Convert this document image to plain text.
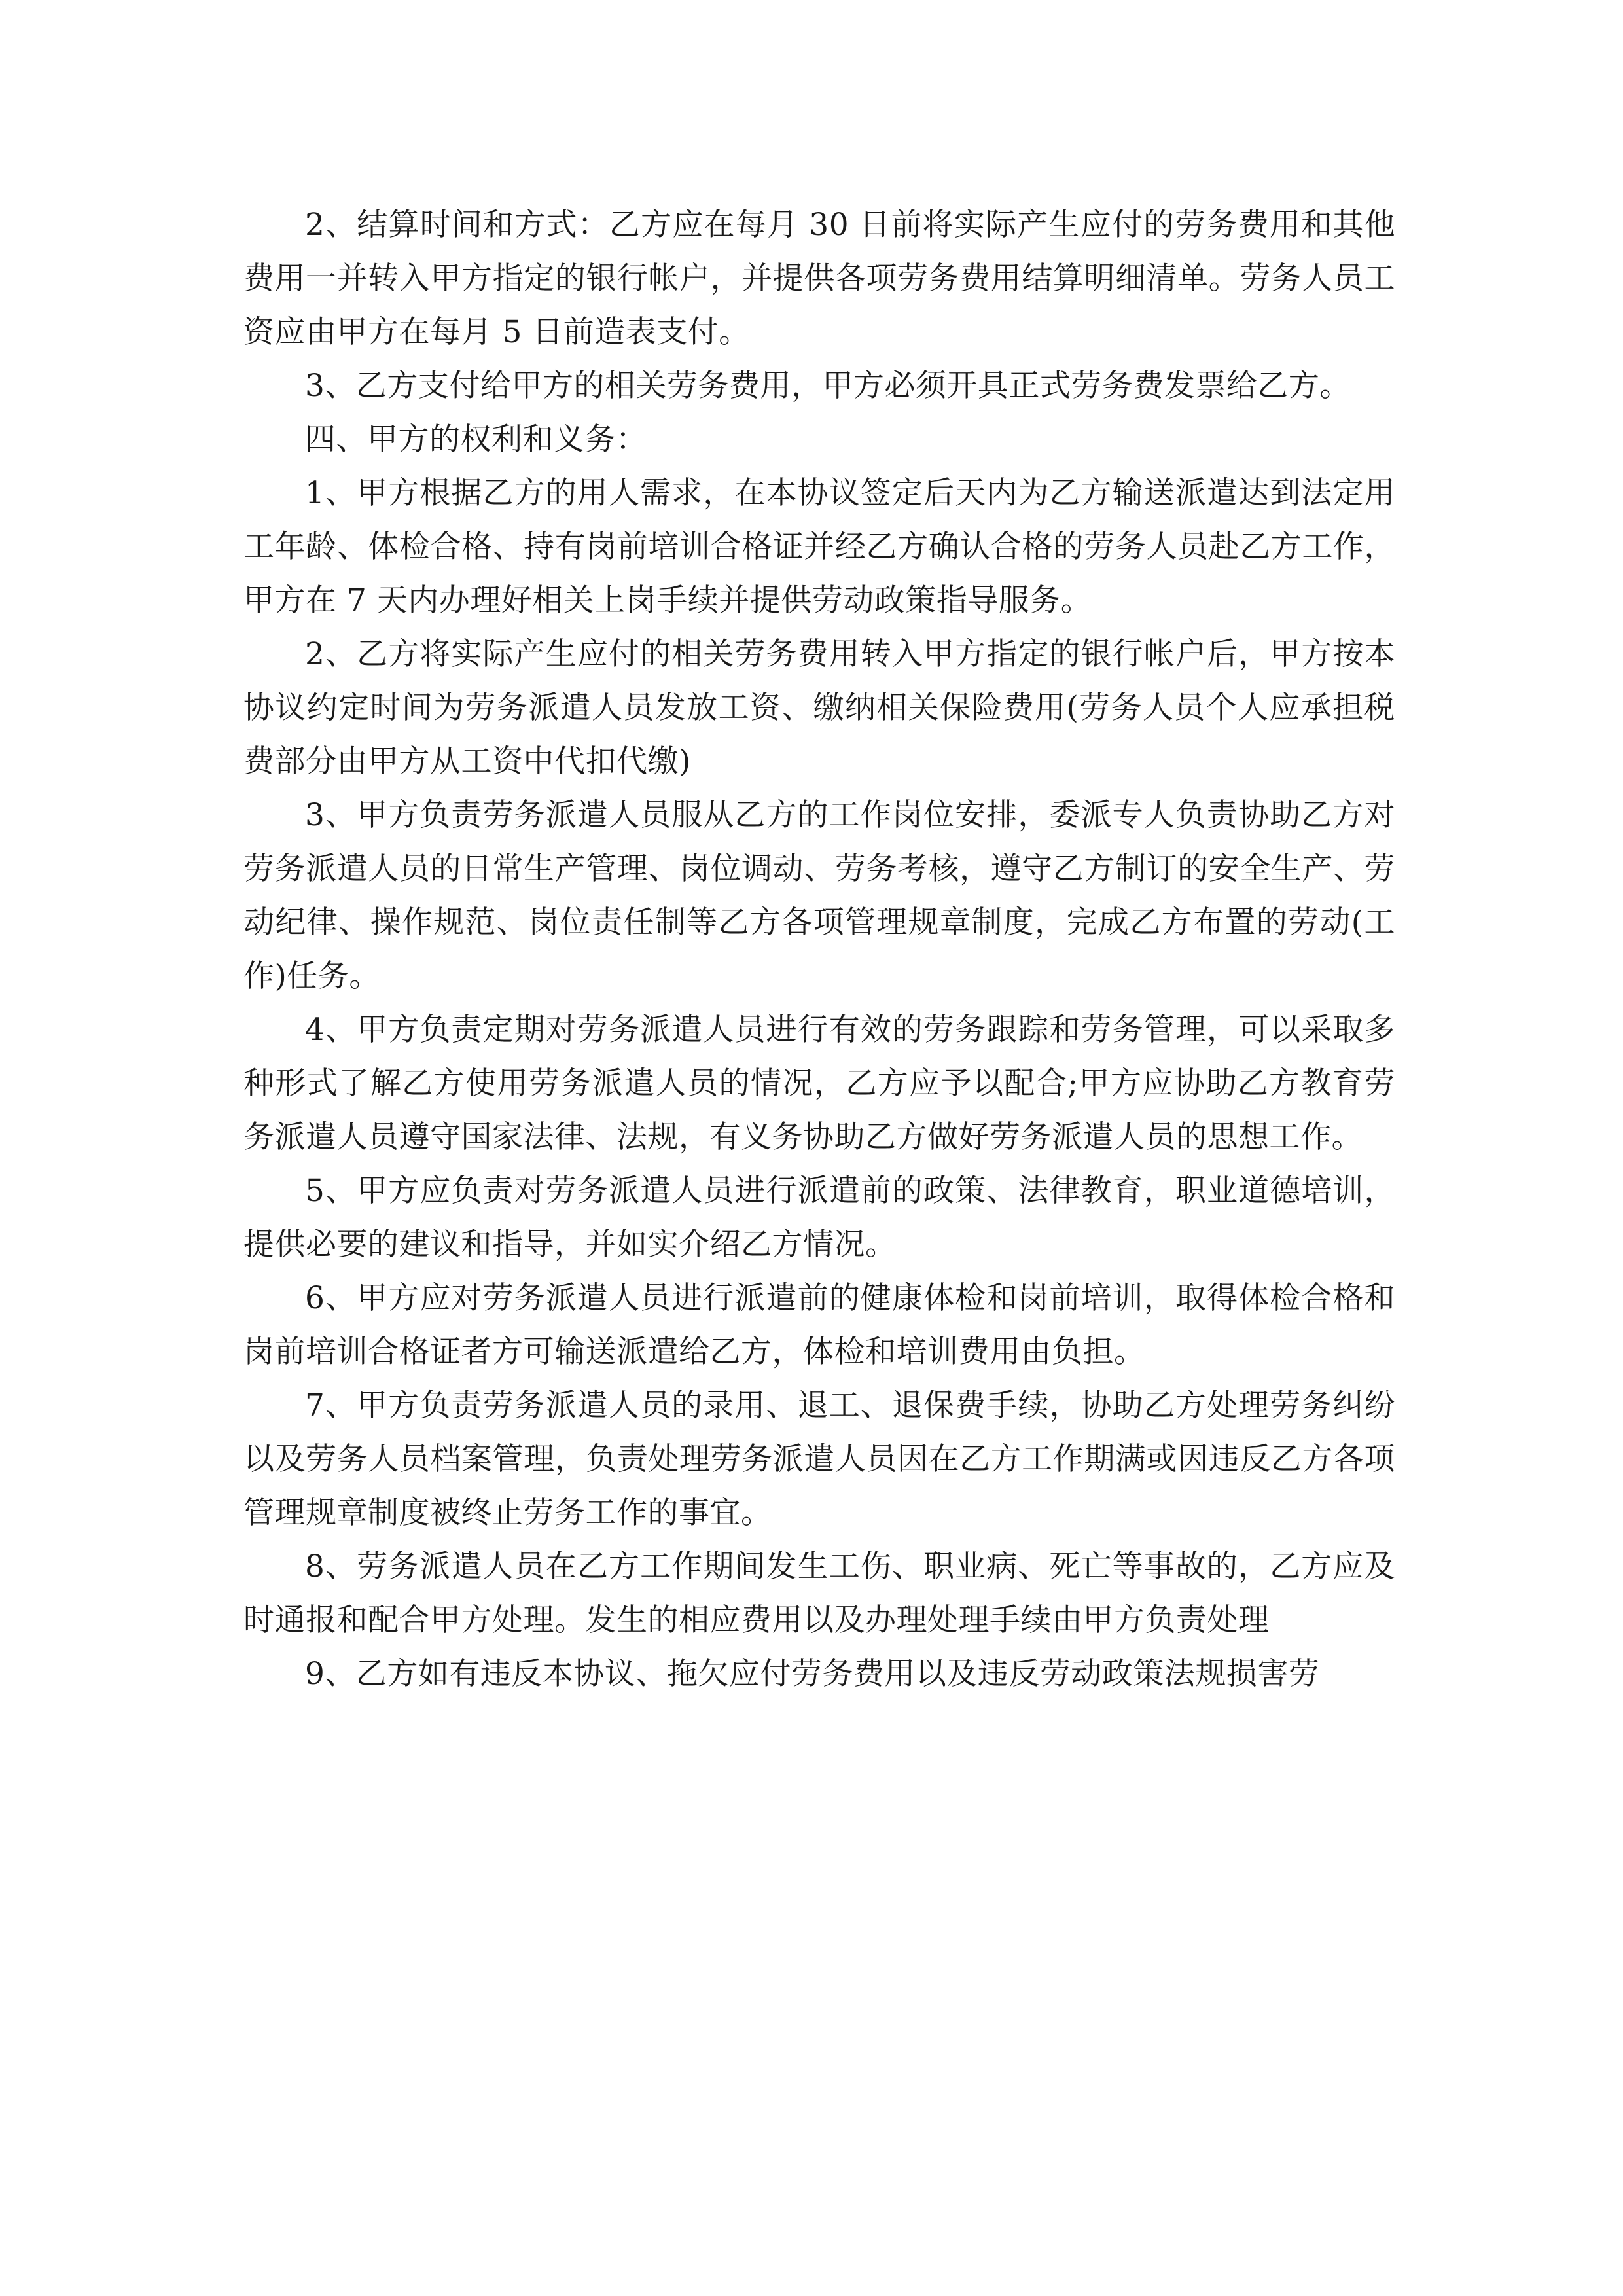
2、结算时间和方式：乙方应在每月 30 日前将实际产生应付的劳务费用和其他费用一并转入甲方指定的银行帐户，并提供各项劳务费用结算明细清单。劳务人员工资应由甲方在每月 5 日前造表支付。

3、乙方支付给甲方的相关劳务费用，甲方必须开具正式劳务费发票给乙方。

四、甲方的权利和义务：

1、甲方根据乙方的用人需求，在本协议签定后天内为乙方输送派遣达到法定用工年龄、体检合格、持有岗前培训合格证并经乙方确认合格的劳务人员赴乙方工作，甲方在 7 天内办理好相关上岗手续并提供劳动政策指导服务。

2、乙方将实际产生应付的相关劳务费用转入甲方指定的银行帐户后，甲方按本协议约定时间为劳务派遣人员发放工资、缴纳相关保险费用(劳务人员个人应承担税费部分由甲方从工资中代扣代缴)

3、甲方负责劳务派遣人员服从乙方的工作岗位安排，委派专人负责协助乙方对劳务派遣人员的日常生产管理、岗位调动、劳务考核，遵守乙方制订的安全生产、劳动纪律、操作规范、岗位责任制等乙方各项管理规章制度，完成乙方布置的劳动(工作)任务。

4、甲方负责定期对劳务派遣人员进行有效的劳务跟踪和劳务管理，可以采取多种形式了解乙方使用劳务派遣人员的情况，乙方应予以配合;甲方应协助乙方教育劳务派遣人员遵守国家法律、法规，有义务协助乙方做好劳务派遣人员的思想工作。

5、甲方应负责对劳务派遣人员进行派遣前的政策、法律教育，职业道德培训，提供必要的建议和指导，并如实介绍乙方情况。

6、甲方应对劳务派遣人员进行派遣前的健康体检和岗前培训，取得体检合格和岗前培训合格证者方可输送派遣给乙方，体检和培训费用由负担。

7、甲方负责劳务派遣人员的录用、退工、退保费手续，协助乙方处理劳务纠纷以及劳务人员档案管理，负责处理劳务派遣人员因在乙方工作期满或因违反乙方各项管理规章制度被终止劳务工作的事宜。

8、劳务派遣人员在乙方工作期间发生工伤、职业病、死亡等事故的，乙方应及时通报和配合甲方处理。发生的相应费用以及办理处理手续由甲方负责处理

9、乙方如有违反本协议、拖欠应付劳务费用以及违反劳动政策法规损害劳
